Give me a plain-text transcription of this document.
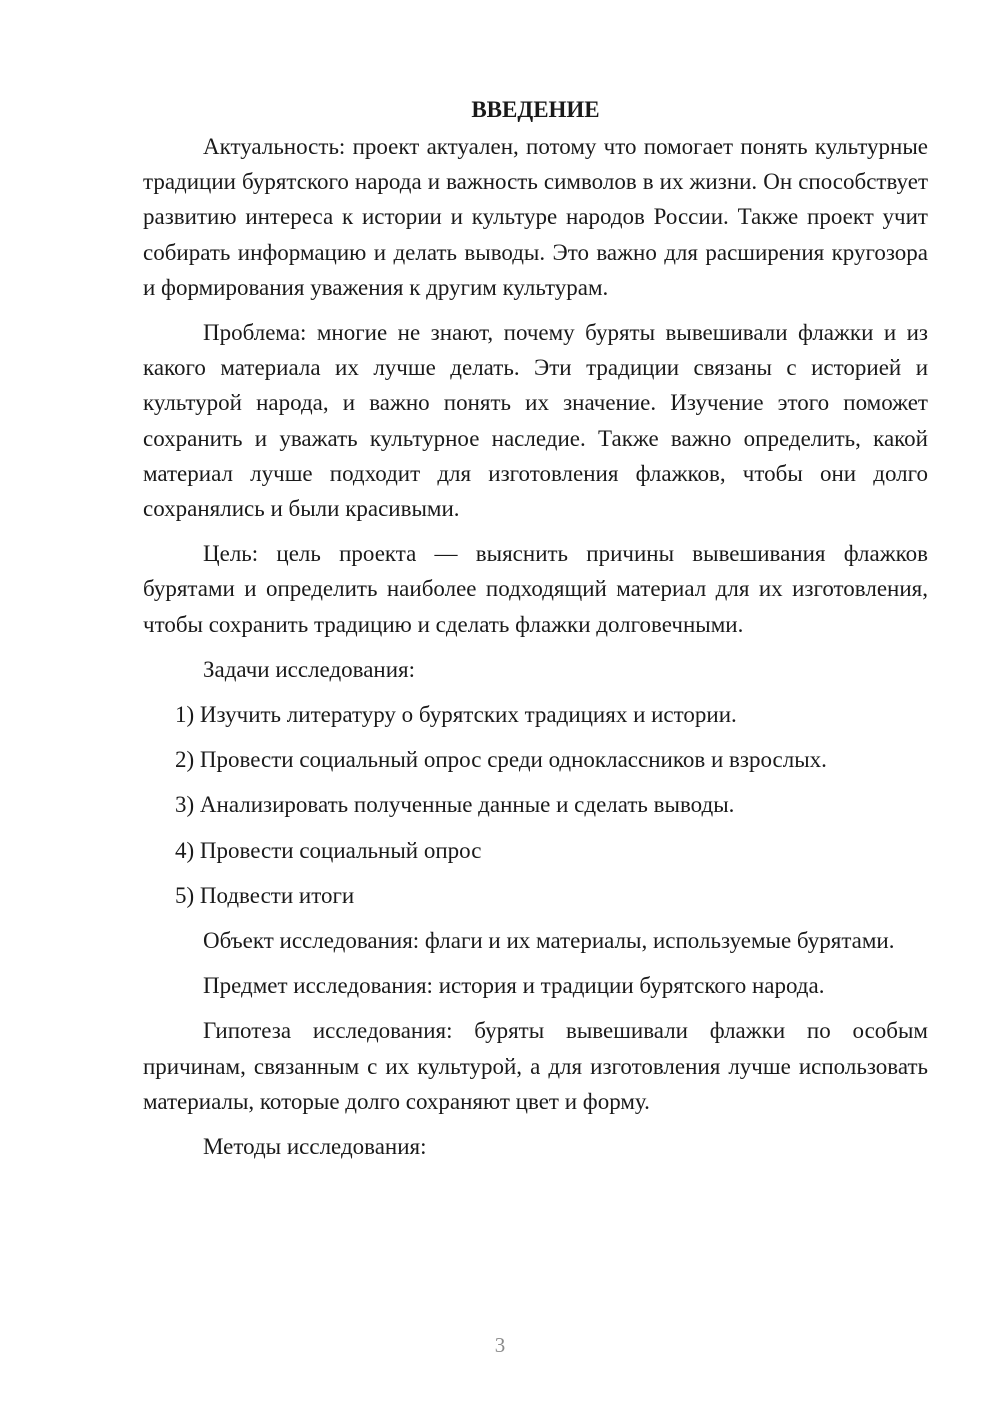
ВВЕДЕНИЕ

Актуальность: проект актуален, потому что помогает понять культурные традиции бурятского народа и важность символов в их жизни. Он способствует развитию интереса к истории и культуре народов России. Также проект учит собирать информацию и делать выводы. Это важно для расширения кругозора и формирования уважения к другим культурам.

Проблема: многие не знают, почему буряты вывешивали флажки и из какого материала их лучше делать. Эти традиции связаны с историей и культурой народа, и важно понять их значение. Изучение этого поможет сохранить и уважать культурное наследие. Также важно определить, какой материал лучше подходит для изготовления флажков, чтобы они долго сохранялись и были красивыми.

Цель: цель проекта — выяснить причины вывешивания флажков бурятами и определить наиболее подходящий материал для их изготовления, чтобы сохранить традицию и сделать флажки долговечными.

Задачи исследования:

1) Изучить литературу о бурятских традициях и истории.
2) Провести социальный опрос среди одноклассников и взрослых.
3) Анализировать полученные данные и сделать выводы.
4) Провести социальный опрос
5) Подвести итоги

Объект исследования: флаги и их материалы, используемые бурятами.

Предмет исследования: история и традиции бурятского народа.

Гипотеза исследования: буряты вывешивали флажки по особым причинам, связанным с их культурой, а для изготовления лучше использовать материалы, которые долго сохраняют цвет и форму.

Методы исследования:

3
